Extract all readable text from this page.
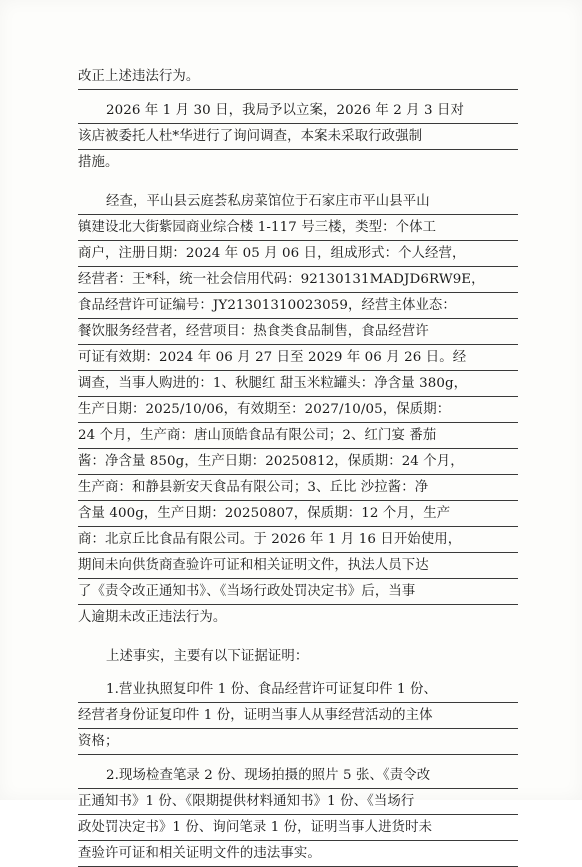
改正上述违法行为。
2026 年 1 月 30 日，我局予以立案，2026 年 2 月 3 日对
该店被委托人杜*华进行了询问调查，本案未采取行政强制
措施。
经查，平山县云庭荟私房菜馆位于石家庄市平山县平山
镇建设北大街紫园商业综合楼 1-117 号三楼，类型：个体工
商户，注册日期：2024 年 05 月 06 日，组成形式：个人经营，
经营者：王*科，统一社会信用代码：92130131MADJD6RW9E，
食品经营许可证编号：JY21301310023059，经营主体业态：
餐饮服务经营者，经营项目：热食类食品制售，食品经营许
可证有效期：2024 年 06 月 27 日至 2029 年 06 月 26 日。经
调查，当事人购进的：1、秋腿红 甜玉米粒罐头：净含量 380g，
生产日期：2025/10/06，有效期至：2027/10/05，保质期：
24 个月，生产商：唐山顶皓食品有限公司；2、红门宴 番茄
酱：净含量 850g，生产日期：20250812，保质期：24 个月，
生产商：和静县新安天食品有限公司；3、丘比 沙拉酱：净
含量 400g，生产日期：20250807，保质期：12 个月，生产
商：北京丘比食品有限公司。于 2026 年 1 月 16 日开始使用，
期间未向供货商查验许可证和相关证明文件，执法人员下达
了《责令改正通知书》、《当场行政处罚决定书》后，当事
人逾期未改正违法行为。
上述事实，主要有以下证据证明：
1.营业执照复印件 1 份、食品经营许可证复印件 1 份、
经营者身份证复印件 1 份，证明当事人从事经营活动的主体
资格；
2.现场检查笔录 2 份、现场拍摄的照片 5 张、《责令改
正通知书》1 份、《限期提供材料通知书》1 份、《当场行
政处罚决定书》1 份、询问笔录 1 份，证明当事人进货时未
查验许可证和相关证明文件的违法事实。
